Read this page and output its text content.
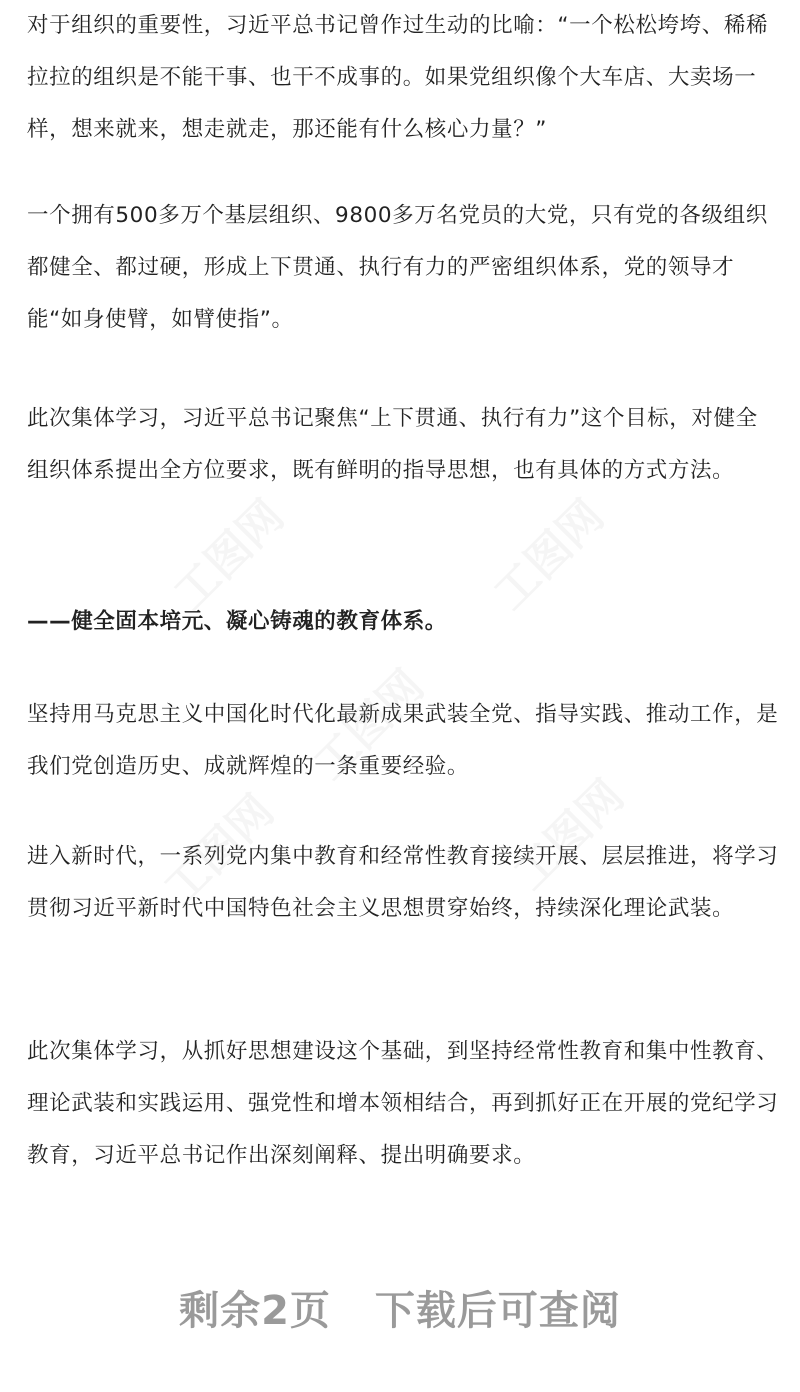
对于组织的重要性，习近平总书记曾作过生动的比喻：“一个松松垮垮、稀稀拉拉的组织是不能干事、也干不成事的。如果党组织像个大车店、大卖场一样，想来就来，想走就走，那还能有什么核心力量？”

一个拥有500多万个基层组织、9800多万名党员的大党，只有党的各级组织都健全、都过硬，形成上下贯通、执行有力的严密组织体系，党的领导才能“如身使臂，如臂使指”。

此次集体学习，习近平总书记聚焦“上下贯通、执行有力”这个目标，对健全组织体系提出全方位要求，既有鲜明的指导思想，也有具体的方式方法。

——健全固本培元、凝心铸魂的教育体系。

坚持用马克思主义中国化时代化最新成果武装全党、指导实践、推动工作，是我们党创造历史、成就辉煌的一条重要经验。

进入新时代，一系列党内集中教育和经常性教育接续开展、层层推进，将学习贯彻习近平新时代中国特色社会主义思想贯穿始终，持续深化理论武装。

此次集体学习，从抓好思想建设这个基础，到坚持经常性教育和集中性教育、理论武装和实践运用、强党性和增本领相结合，再到抓好正在开展的党纪学习教育，习近平总书记作出深刻阐释、提出明确要求。

工图网	工图网
工图网
工图网	工图网
剩余2页 下载后可查阅
